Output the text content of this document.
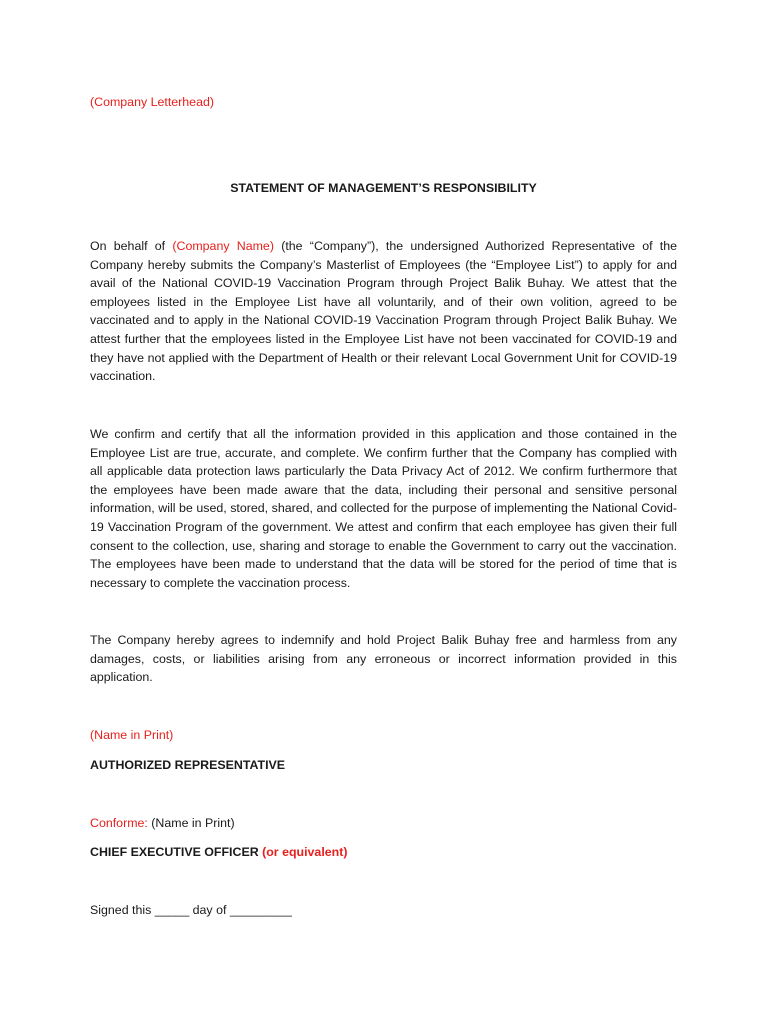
(Company Letterhead)
STATEMENT OF MANAGEMENT’S RESPONSIBILITY

On behalf of (Company Name) (the “Company”), the undersigned Authorized Representative of the Company hereby submits the Company’s Masterlist of Employees (the “Employee List”) to apply for and avail of the National COVID-19 Vaccination Program through Project Balik Buhay. We attest that the employees listed in the Employee List have all voluntarily, and of their own volition, agreed to be vaccinated and to apply in the National COVID-19 Vaccination Program through Project Balik Buhay. We attest further that the employees listed in the Employee List have not been vaccinated for COVID-19 and they have not applied with the Department of Health or their relevant Local Government Unit for COVID-19 vaccination.

We confirm and certify that all the information provided in this application and those contained in the Employee List are true, accurate, and complete. We confirm further that the Company has complied with all applicable data protection laws particularly the Data Privacy Act of 2012. We confirm furthermore that the employees have been made aware that the data, including their personal and sensitive personal information, will be used, stored, shared, and collected for the purpose of implementing the National Covid-19 Vaccination Program of the government. We attest and confirm that each employee has given their full consent to the collection, use, sharing and storage to enable the Government to carry out the vaccination. The employees have been made to understand that the data will be stored for the period of time that is necessary to complete the vaccination process.

The Company hereby agrees to indemnify and hold Project Balik Buhay free and harmless from any damages, costs, or liabilities arising from any erroneous or incorrect information provided in this application.

(Name in Print)
AUTHORIZED REPRESENTATIVE
Conforme: (Name in Print)
CHIEF EXECUTIVE OFFICER (or equivalent)
Signed this _____ day of _________
